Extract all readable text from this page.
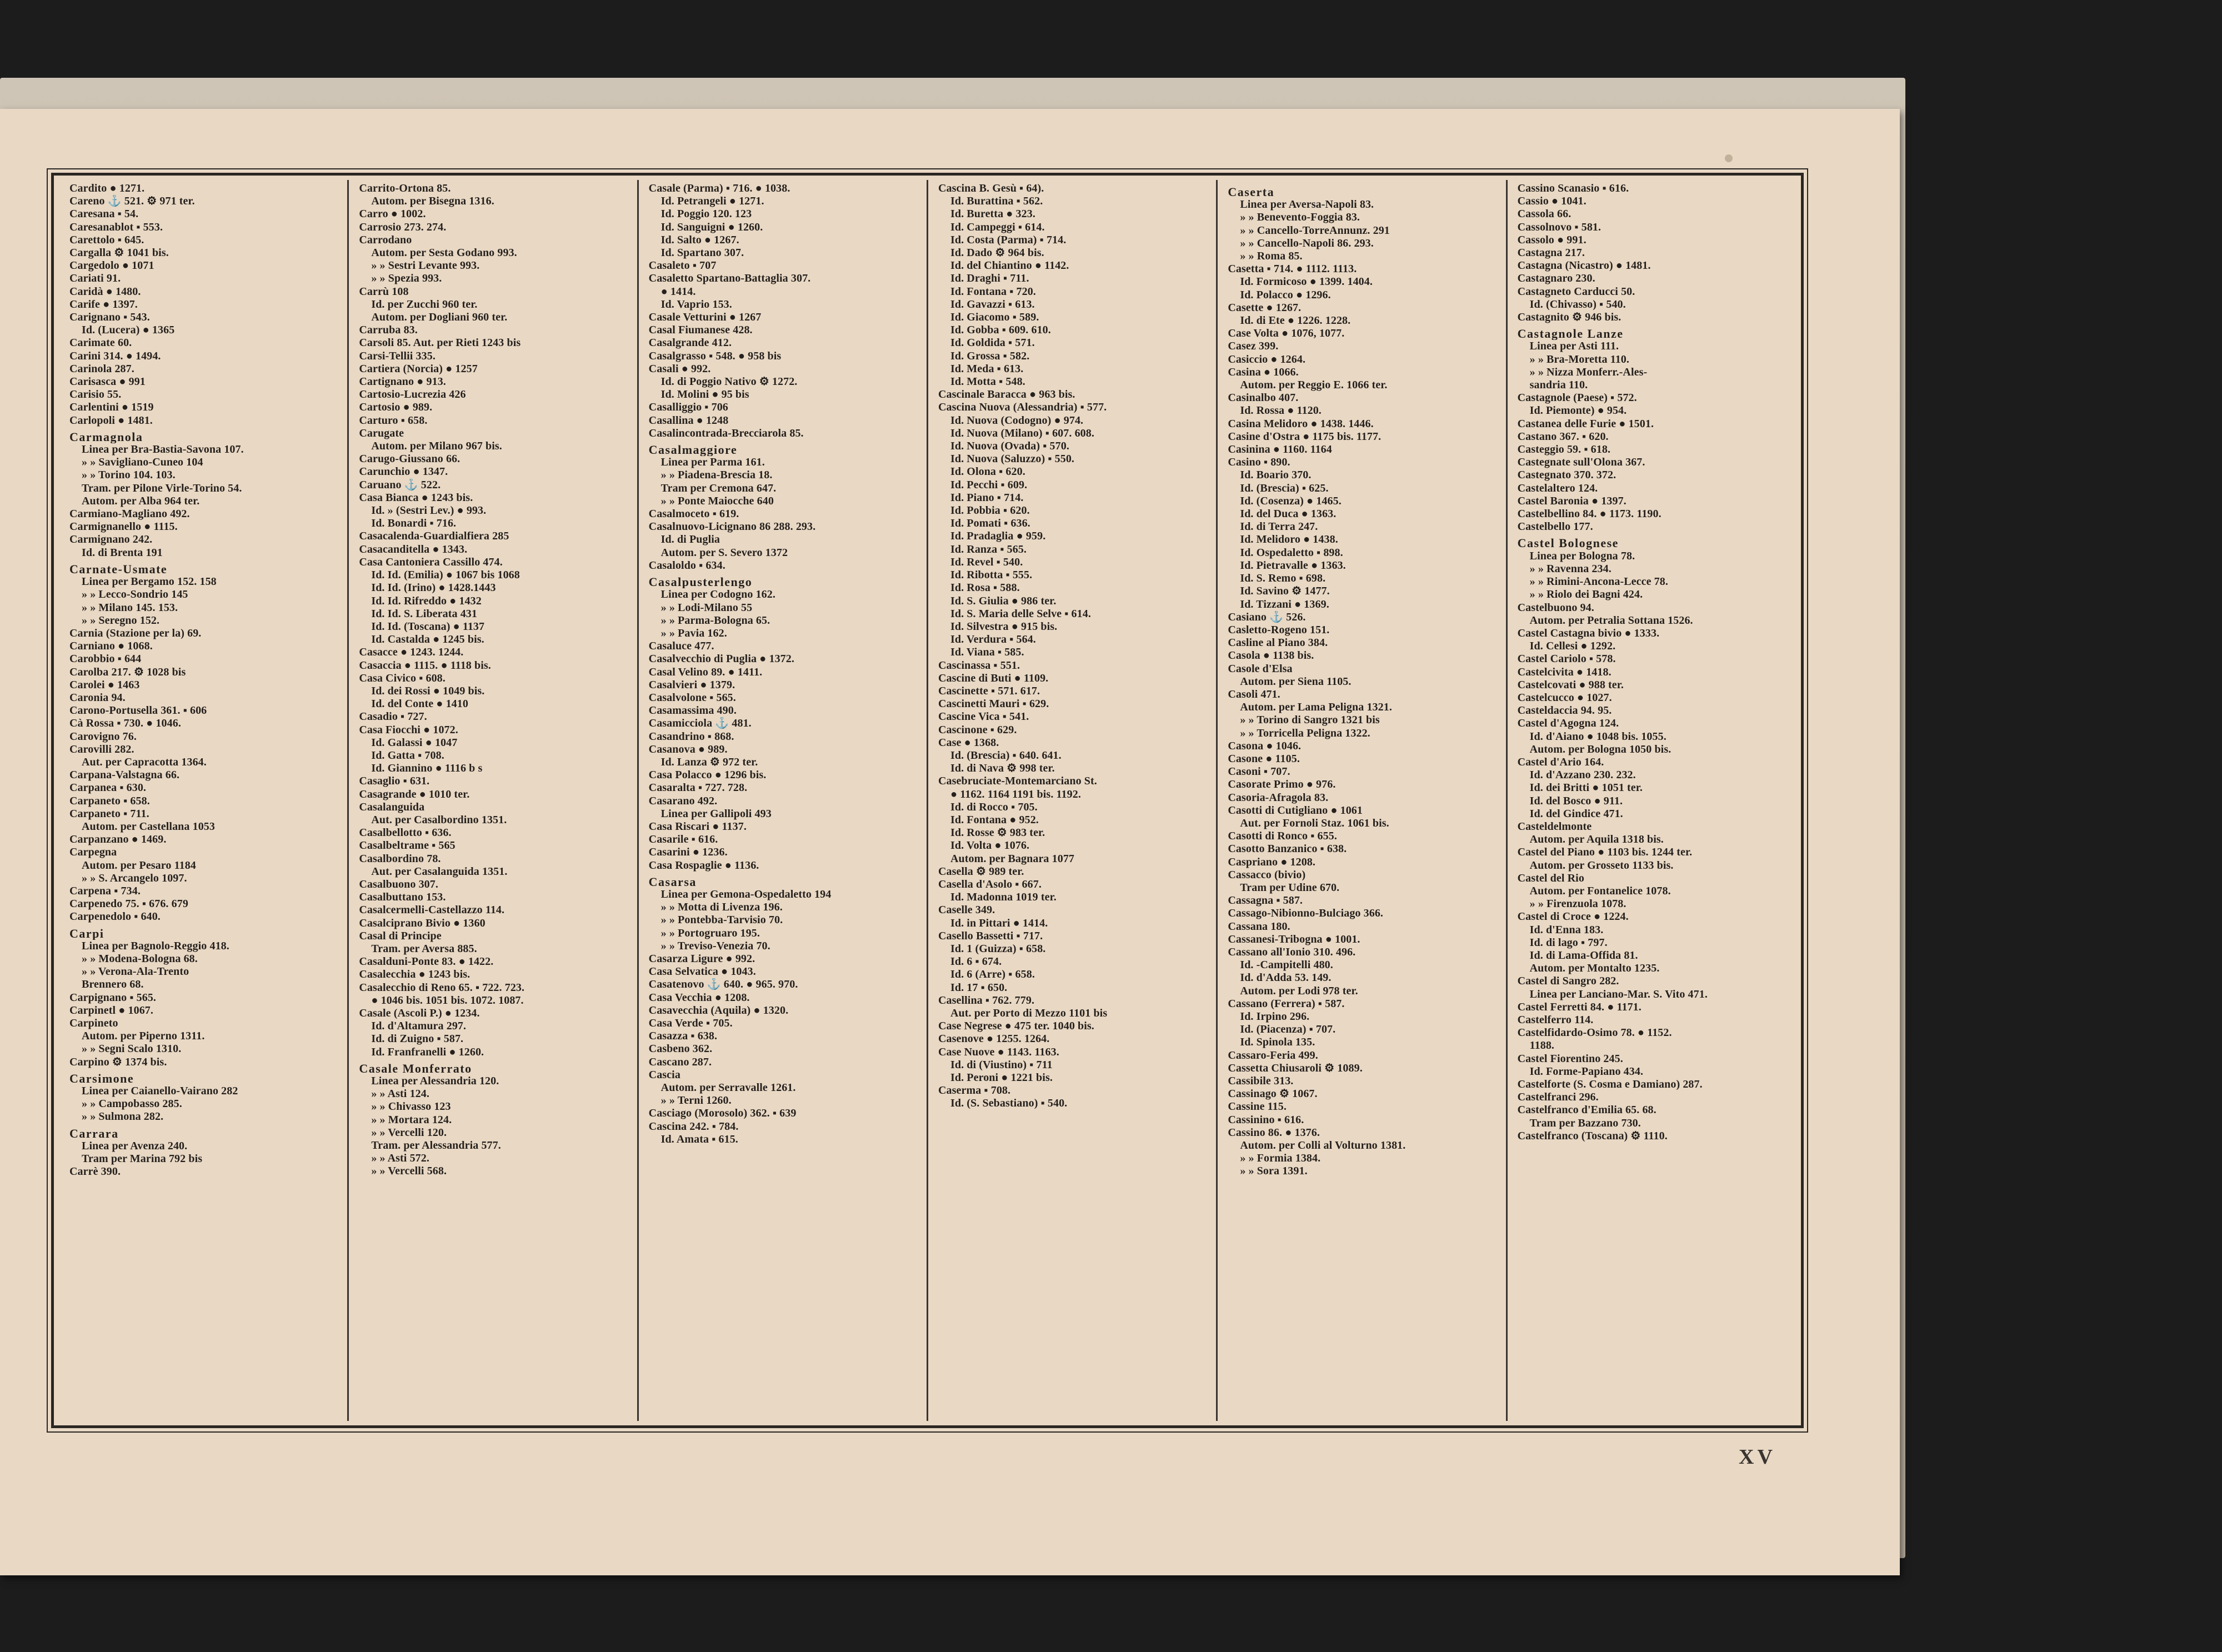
Cardito ● 1271.
Careno ⚓ 521. ⚙ 971 ter.
Caresana ▪ 54.
Caresanablot ▪ 553.
Carettolo ▪ 645.
Cargalla ⚙ 1041 bis.
Cargedolo ● 1071
Cariati 91.
Caridà ● 1480.
Carife ● 1397.
Carignano ▪ 543.
Id. (Lucera) ● 1365
Carimate 60.
Carini 314. ● 1494.
Carinola 287.
Carisasca ● 991
Carisio 55.
Carlentini ● 1519
Carlopoli ● 1481.
Carmagnola
Linea per Bra-Bastia-Savona 107.
» » Savigliano-Cuneo 104
» » Torino 104. 103.
Tram. per Pilone Virle-Torino 54.
Autom. per Alba 964 ter.
Carmiano-Magliano 492.
Carmignanello ● 1115.
Carmignano 242.
Id. di Brenta 191
Carnate-Usmate
Linea per Bergamo 152. 158
» » Lecco-Sondrio 145
» » Milano 145. 153.
» » Seregno 152.
Carnia (Stazione per la) 69.
Carniano ● 1068.
Carobbio ▪ 644
Carolba 217. ⚙ 1028 bis
Carolei ● 1463
Caronia 94.
Carono-Portusella 361. ▪ 606
Cà Rossa ▪ 730. ● 1046.
Carovigno 76.
Carovilli 282.
Aut. per Capracotta 1364.
Carpana-Valstagna 66.
Carpanea ▪ 630.
Carpaneto ▪ 658.
Carpaneto ▪ 711.
Autom. per Castellana 1053
Carpanzano ● 1469.
Carpegna
Autom. per Pesaro 1184
» » S. Arcangelo 1097.
Carpena ▪ 734.
Carpenedo 75. ▪ 676. 679
Carpenedolo ▪ 640.
Carpi
Linea per Bagnolo-Reggio 418.
» » Modena-Bologna 68.
» » Verona-Ala-Trento
Brennero 68.
Carpignano ▪ 565.
Carpinetl ● 1067.
Carpineto
Autom. per Piperno 1311.
» » Segni Scalo 1310.
Carpino ⚙ 1374 bis.
Carsimone
Linea per Caianello-Vairano 282
» » Campobasso 285.
» » Sulmona 282.
Carrara
Linea per Avenza 240.
Tram per Marina 792 bis
Carrè 390.
Carrito-Ortona 85.
Autom. per Bisegna 1316.
Carro ● 1002.
Carrosio 273. 274.
Carrodano
Autom. per Sesta Godano 993.
» » Sestri Levante 993.
» » Spezia 993.
Carrù 108
Id. per Zucchi 960 ter.
Autom. per Dogliani 960 ter.
Carruba 83.
Carsoli 85. Aut. per Rieti 1243 bis
Carsi-Tellii 335.
Cartiera (Norcia) ● 1257
Cartignano ● 913.
Cartosio-Lucrezia 426
Cartosio ● 989.
Carturo ▪ 658.
Carugate
Autom. per Milano 967 bis.
Carugo-Giussano 66.
Carunchio ● 1347.
Caruano ⚓ 522.
Casa Bianca ● 1243 bis.
Id. » (Sestri Lev.) ● 993.
Id. Bonardi ▪ 716.
Casacalenda-Guardialfiera 285
Casacanditella ● 1343.
Casa Cantoniera Cassillo 474.
Id. Id. (Emilia) ● 1067 bis 1068
Id. Id. (Irino) ● 1428.1443
Id. Id. Rifreddo ● 1432
Id. Id. S. Liberata 431
Id. Id. (Toscana) ● 1137
Id. Castalda ● 1245 bis.
Casacce ● 1243. 1244.
Casaccia ● 1115. ● 1118 bis.
Casa Civico ▪ 608.
Id. dei Rossi ● 1049 bis.
Id. del Conte ● 1410
Casadio ▪ 727.
Casa Fiocchi ● 1072.
Id. Galassi ● 1047
Id. Gatta ▪ 708.
Id. Giannino ● 1116 b s
Casaglio ▪ 631.
Casagrande ● 1010 ter.
Casalanguida
Aut. per Casalbordino 1351.
Casalbellotto ▪ 636.
Casalbeltrame ▪ 565
Casalbordino 78.
Aut. per Casalanguida 1351.
Casalbuono 307.
Casalbuttano 153.
Casalcermelli-Castellazzo 114.
Casalciprano Bivio ● 1360
Casal di Principe
Tram. per Aversa 885.
Casalduni-Ponte 83. ● 1422.
Casalecchia ● 1243 bis.
Casalecchio di Reno 65. ▪ 722. 723.
● 1046 bis. 1051 bis. 1072. 1087.
Casale (Ascoli P.) ● 1234.
Id. d'Altamura 297.
Id. di Zuigno ▪ 587.
Id. Franfranelli ● 1260.
Casale Monferrato
Linea per Alessandria 120.
» » Asti 124.
» » Chivasso 123
» » Mortara 124.
» » Vercelli 120.
Tram. per Alessandria 577.
» » Asti 572.
» » Vercelli 568.
Casale (Parma) ▪ 716. ● 1038.
Id. Petrangeli ● 1271.
Id. Poggio 120. 123
Id. Sanguigni ● 1260.
Id. Salto ● 1267.
Id. Spartano 307.
Casaleto ▪ 707
Casaletto Spartano-Battaglia 307.
● 1414.
Id. Vaprio 153.
Casale Vetturini ● 1267
Casal Fiumanese 428.
Casalgrande 412.
Casalgrasso ▪ 548. ● 958 bis
Casali ● 992.
Id. di Poggio Nativo ⚙ 1272.
Id. Molini ● 95 bis
Casalliggio ▪ 706
Casallina ● 1248
Casalincontrada-Brecciarola 85.
Casalmaggiore
Linea per Parma 161.
» » Piadena-Brescia 18.
Tram per Cremona 647.
» » Ponte Maiocche 640
Casalmoceto ▪ 619.
Casalnuovo-Licignano 86 288. 293.
Id. di Puglia
Autom. per S. Severo 1372
Casaloldo ▪ 634.
Casalpusterlengo
Linea per Codogno 162.
» » Lodi-Milano 55
» » Parma-Bologna 65.
» » Pavia 162.
Casaluce 477.
Casalvecchio di Puglia ● 1372.
Casal Velino 89. ● 1411.
Casalvieri ● 1379.
Casalvolone ▪ 565.
Casamassima 490.
Casamicciola ⚓ 481.
Casandrino ▪ 868.
Casanova ● 989.
Id. Lanza ⚙ 972 ter.
Casa Polacco ● 1296 bis.
Casaralta ▪ 727. 728.
Casarano 492.
Linea per Gallipoli 493
Casa Riscari ● 1137.
Casarile ▪ 616.
Casarini ● 1236.
Casa Rospaglie ● 1136.
Casarsa
Linea per Gemona-Ospedaletto 194
» » Motta di Livenza 196.
» » Pontebba-Tarvisio 70.
» » Portogruaro 195.
» » Treviso-Venezia 70.
Casarza Ligure ● 992.
Casa Selvatica ● 1043.
Casatenovo ⚓ 640. ● 965. 970.
Casa Vecchia ● 1208.
Casavecchia (Aquila) ● 1320.
Casa Verde ▪ 705.
Casazza ▪ 638.
Casbeno 362.
Cascano 287.
Cascia
Autom. per Serravalle 1261.
» » Terni 1260.
Casciago (Morosolo) 362. ▪ 639
Cascina 242. ▪ 784.
Id. Amata ▪ 615.
Cascina B. Gesù ▪ 64).
Id. Burattina ▪ 562.
Id. Buretta ● 323.
Id. Campeggi ▪ 614.
Id. Costa (Parma) ▪ 714.
Id. Dado ⚙ 964 bis.
Id. del Chiantino ● 1142.
Id. Draghi ▪ 711.
Id. Fontana ▪ 720.
Id. Gavazzi ▪ 613.
Id. Giacomo ▪ 589.
Id. Gobba ▪ 609. 610.
Id. Goldida ▪ 571.
Id. Grossa ▪ 582.
Id. Meda ▪ 613.
Id. Motta ▪ 548.
Cascinale Baracca ● 963 bis.
Cascina Nuova (Alessandria) ▪ 577.
Id. Nuova (Codogno) ● 974.
Id. Nuova (Milano) ▪ 607. 608.
Id. Nuova (Ovada) ▪ 570.
Id. Nuova (Saluzzo) ▪ 550.
Id. Olona ▪ 620.
Id. Pecchi ▪ 609.
Id. Piano ▪ 714.
Id. Pobbia ▪ 620.
Id. Pomati ▪ 636.
Id. Pradaglia ● 959.
Id. Ranza ▪ 565.
Id. Revel ▪ 540.
Id. Ribotta ▪ 555.
Id. Rosa ▪ 588.
Id. S. Giulia ● 986 ter.
Id. S. Maria delle Selve ▪ 614.
Id. Silvestra ● 915 bis.
Id. Verdura ▪ 564.
Id. Viana ▪ 585.
Cascinassa ▪ 551.
Cascine di Buti ● 1109.
Cascinette ▪ 571. 617.
Cascinetti Mauri ▪ 629.
Cascine Vica ▪ 541.
Cascinone ▪ 629.
Case ● 1368.
Id. (Brescia) ▪ 640. 641.
Id. di Nava ⚙ 998 ter.
Casebruciate-Montemarciano St.
● 1162. 1164 1191 bis. 1192.
Id. di Rocco ▪ 705.
Id. Fontana ● 952.
Id. Rosse ⚙ 983 ter.
Id. Volta ● 1076.
Autom. per Bagnara 1077
Casella ⚙ 989 ter.
Casella d'Asolo ▪ 667.
Id. Madonna 1019 ter.
Caselle 349.
Id. in Pittari ● 1414.
Casello Bassetti ▪ 717.
Id. 1 (Guizza) ▪ 658.
Id. 6 ▪ 674.
Id. 6 (Arre) ▪ 658.
Id. 17 ▪ 650.
Casellina ▪ 762. 779.
Aut. per Porto di Mezzo 1101 bis
Case Negrese ● 475 ter. 1040 bis.
Casenove ● 1255. 1264.
Case Nuove ● 1143. 1163.
Id. di (Viustino) ▪ 711
Id. Peroni ● 1221 bis.
Caserma ▪ 708.
Id. (S. Sebastiano) ▪ 540.
Caserta
Linea per Aversa-Napoli 83.
» » Benevento-Foggia 83.
» » Cancello-TorreAnnunz. 291
» » Cancello-Napoli 86. 293.
» » Roma 85.
Casetta ▪ 714. ● 1112. 1113.
Id. Formicoso ● 1399. 1404.
Id. Polacco ● 1296.
Casette ● 1267.
Id. di Ete ● 1226. 1228.
Case Volta ● 1076, 1077.
Casez 399.
Casiccio ● 1264.
Casina ● 1066.
Autom. per Reggio E. 1066 ter.
Casinalbo 407.
Id. Rossa ● 1120.
Casina Melidoro ● 1438. 1446.
Casine d'Ostra ● 1175 bis. 1177.
Casinina ● 1160. 1164
Casino ▪ 890.
Id. Boario 370.
Id. (Brescia) ▪ 625.
Id. (Cosenza) ● 1465.
Id. del Duca ● 1363.
Id. di Terra 247.
Id. Melidoro ● 1438.
Id. Ospedaletto ▪ 898.
Id. Pietravalle ● 1363.
Id. S. Remo ▪ 698.
Id. Savino ⚙ 1477.
Id. Tizzani ● 1369.
Casiano ⚓ 526.
Casletto-Rogeno 151.
Casline al Piano 384.
Casola ● 1138 bis.
Casole d'Elsa
Autom. per Siena 1105.
Casoli 471.
Autom. per Lama Peligna 1321.
» » Torino di Sangro 1321 bis
» » Torricella Peligna 1322.
Casona ● 1046.
Casone ● 1105.
Casoni ▪ 707.
Casorate Primo ● 976.
Casoria-Afragola 83.
Casotti di Cutigliano ● 1061
Aut. per Fornoli Staz. 1061 bis.
Casotti di Ronco ▪ 655.
Casotto Banzanico ▪ 638.
Caspriano ● 1208.
Cassacco (bivio)
Tram per Udine 670.
Cassagna ▪ 587.
Cassago-Nibionno-Bulciago 366.
Cassana 180.
Cassanesi-Tribogna ● 1001.
Cassano all'Ionio 310. 496.
Id. -Campitelli 480.
Id. d'Adda 53. 149.
Autom. per Lodi 978 ter.
Cassano (Ferrera) ▪ 587.
Id. Irpino 296.
Id. (Piacenza) ▪ 707.
Id. Spinola 135.
Cassaro-Feria 499.
Cassetta Chiusaroli ⚙ 1089.
Cassibile 313.
Cassinago ⚙ 1067.
Cassine 115.
Cassinino ▪ 616.
Cassino 86. ● 1376.
Autom. per Colli al Volturno 1381.
» » Formia 1384.
» » Sora 1391.
Cassino Scanasio ▪ 616.
Cassio ● 1041.
Cassola 66.
Cassolnovo ▪ 581.
Cassolo ● 991.
Castagna 217.
Castagna (Nicastro) ● 1481.
Castagnaro 230.
Castagneto Carducci 50.
Id. (Chivasso) ▪ 540.
Castagnito ⚙ 946 bis.
Castagnole Lanze
Linea per Asti 111.
» » Bra-Moretta 110.
» » Nizza Monferr.-Ales-
sandria 110.
Castagnole (Paese) ▪ 572.
Id. Piemonte) ● 954.
Castanea delle Furie ● 1501.
Castano 367. ▪ 620.
Casteggio 59. ▪ 618.
Castegnate sull'Olona 367.
Castegnato 370. 372.
Castelaltero 124.
Castel Baronia ● 1397.
Castelbellino 84. ● 1173. 1190.
Castelbello 177.
Castel Bolognese
Linea per Bologna 78.
» » Ravenna 234.
» » Rimini-Ancona-Lecce 78.
» » Riolo dei Bagni 424.
Castelbuono 94.
Autom. per Petralia Sottana 1526.
Castel Castagna bivio ● 1333.
Id. Cellesi ● 1292.
Castel Cariolo ▪ 578.
Castelcivita ● 1418.
Castelcovati ● 988 ter.
Castelcucco ● 1027.
Casteldaccia 94. 95.
Castel d'Agogna 124.
Id. d'Aiano ● 1048 bis. 1055.
Autom. per Bologna 1050 bis.
Castel d'Ario 164.
Id. d'Azzano 230. 232.
Id. dei Britti ● 1051 ter.
Id. del Bosco ● 911.
Id. del Gindice 471.
Casteldelmonte
Autom. per Aquila 1318 bis.
Castel del Piano ● 1103 bis. 1244 ter.
Autom. per Grosseto 1133 bis.
Castel del Rio
Autom. per Fontanelice 1078.
» » Firenzuola 1078.
Castel di Croce ● 1224.
Id. d'Enna 183.
Id. di lago ▪ 797.
Id. di Lama-Offida 81.
Autom. per Montalto 1235.
Castel di Sangro 282.
Linea per Lanciano-Mar. S. Vito 471.
Castel Ferretti 84. ● 1171.
Castelferro 114.
Castelfidardo-Osimo 78. ● 1152.
1188.
Castel Fiorentino 245.
Id. Forme-Papiano 434.
Castelforte (S. Cosma e Damiano) 287.
Castelfranci 296.
Castelfranco d'Emilia 65. 68.
Tram per Bazzano 730.
Castelfranco (Toscana) ⚙ 1110.
XV
